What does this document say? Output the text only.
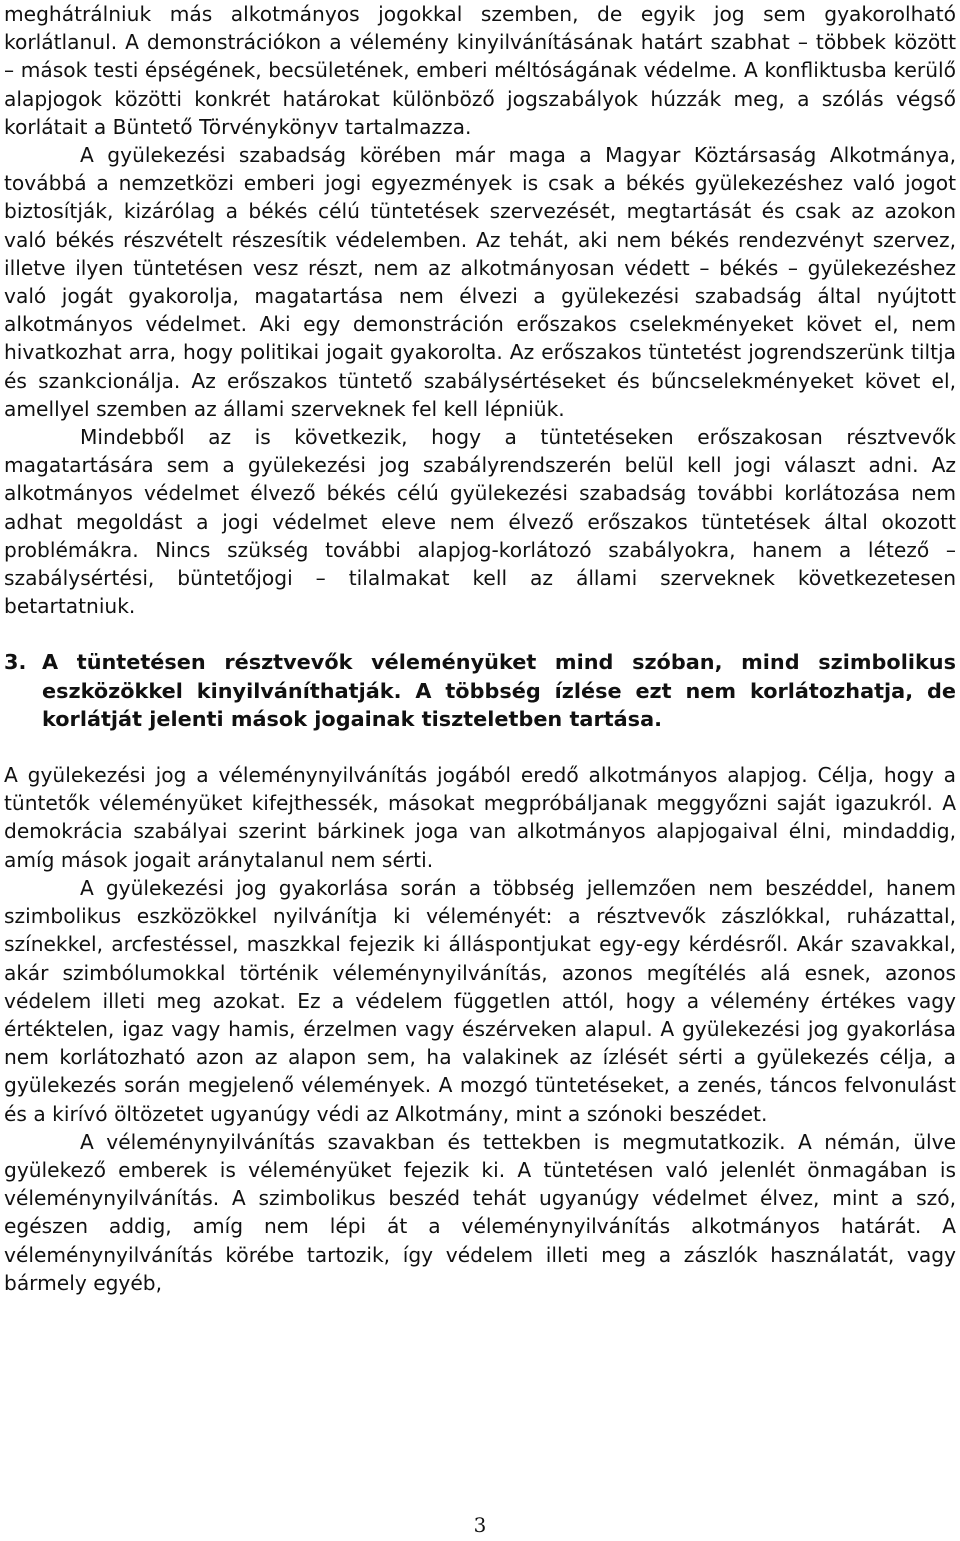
meghátrálniuk más alkotmányos jogokkal szemben, de egyik jog sem gyakorolható korlátlanul. A demonstrációkon a vélemény kinyilvánításának határt szabhat – többek között – mások testi épségének, becsületének, emberi méltóságának védelme. A konfliktusba kerülő alapjogok közötti konkrét határokat különböző jogszabályok húzzák meg, a szólás végső korlátait a Büntető Törvénykönyv tartalmazza.

A gyülekezési szabadság körében már maga a Magyar Köztársaság Alkotmánya, továbbá a nemzetközi emberi jogi egyezmények is csak a békés gyülekezéshez való jogot biztosítják, kizárólag a békés célú tüntetések szervezését, megtartását és csak az azokon való békés részvételt részesítik védelemben. Az tehát, aki nem békés rendezvényt szervez, illetve ilyen tüntetésen vesz részt, nem az alkotmányosan védett – békés – gyülekezéshez való jogát gyakorolja, magatartása nem élvezi a gyülekezési szabadság által nyújtott alkotmányos védelmet. Aki egy demonstráción erőszakos cselekményeket követ el, nem hivatkozhat arra, hogy politikai jogait gyakorolta. Az erőszakos tüntetést jogrendszerünk tiltja és szankcionálja. Az erőszakos tüntető szabálysértéseket és bűncselekményeket követ el, amellyel szemben az állami szerveknek fel kell lépniük.

Mindebből az is következik, hogy a tüntetéseken erőszakosan résztvevők magatartására sem a gyülekezési jog szabályrendszerén belül kell jogi választ adni. Az alkotmányos védelmet élvező békés célú gyülekezési szabadság további korlátozása nem adhat megoldást a jogi védelmet eleve nem élvező erőszakos tüntetések által okozott problémákra. Nincs szükség további alapjog-korlátozó szabályokra, hanem a létező – szabálysértési, büntetőjogi – tilalmakat kell az állami szerveknek következetesen betartatniuk.

3. A tüntetésen résztvevők véleményüket mind szóban, mind szimbolikus eszközökkel kinyilváníthatják. A többség ízlése ezt nem korlátozhatja, de korlátját jelenti mások jogainak tiszteletben tartása.

A gyülekezési jog a véleménynyilvánítás jogából eredő alkotmányos alapjog. Célja, hogy a tüntetők véleményüket kifejthessék, másokat megpróbáljanak meggyőzni saját igazukról. A demokrácia szabályai szerint bárkinek joga van alkotmányos alapjogaival élni, mindaddig, amíg mások jogait aránytalanul nem sérti.

A gyülekezési jog gyakorlása során a többség jellemzően nem beszéddel, hanem szimbolikus eszközökkel nyilvánítja ki véleményét: a résztvevők zászlókkal, ruházattal, színekkel, arcfestéssel, maszkkal fejezik ki álláspontjukat egy-egy kérdésről. Akár szavakkal, akár szimbólumokkal történik véleménynyilvánítás, azonos megítélés alá esnek, azonos védelem illeti meg azokat. Ez a védelem független attól, hogy a vélemény értékes vagy értéktelen, igaz vagy hamis, érzelmen vagy észérveken alapul. A gyülekezési jog gyakorlása nem korlátozható azon az alapon sem, ha valakinek az ízlését sérti a gyülekezés célja, a gyülekezés során megjelenő vélemények. A mozgó tüntetéseket, a zenés, táncos felvonulást és a kirívó öltözetet ugyanúgy védi az Alkotmány, mint a szónoki beszédet.

A véleménynyilvánítás szavakban és tettekben is megmutatkozik. A némán, ülve gyülekező emberek is véleményüket fejezik ki. A tüntetésen való jelenlét önmagában is véleménynyilvánítás. A szimbolikus beszéd tehát ugyanúgy védelmet élvez, mint a szó, egészen addig, amíg nem lépi át a véleménynyilvánítás alkotmányos határát. A véleménynyilvánítás körébe tartozik, így védelem illeti meg a zászlók használatát, vagy bármely egyéb,

3
